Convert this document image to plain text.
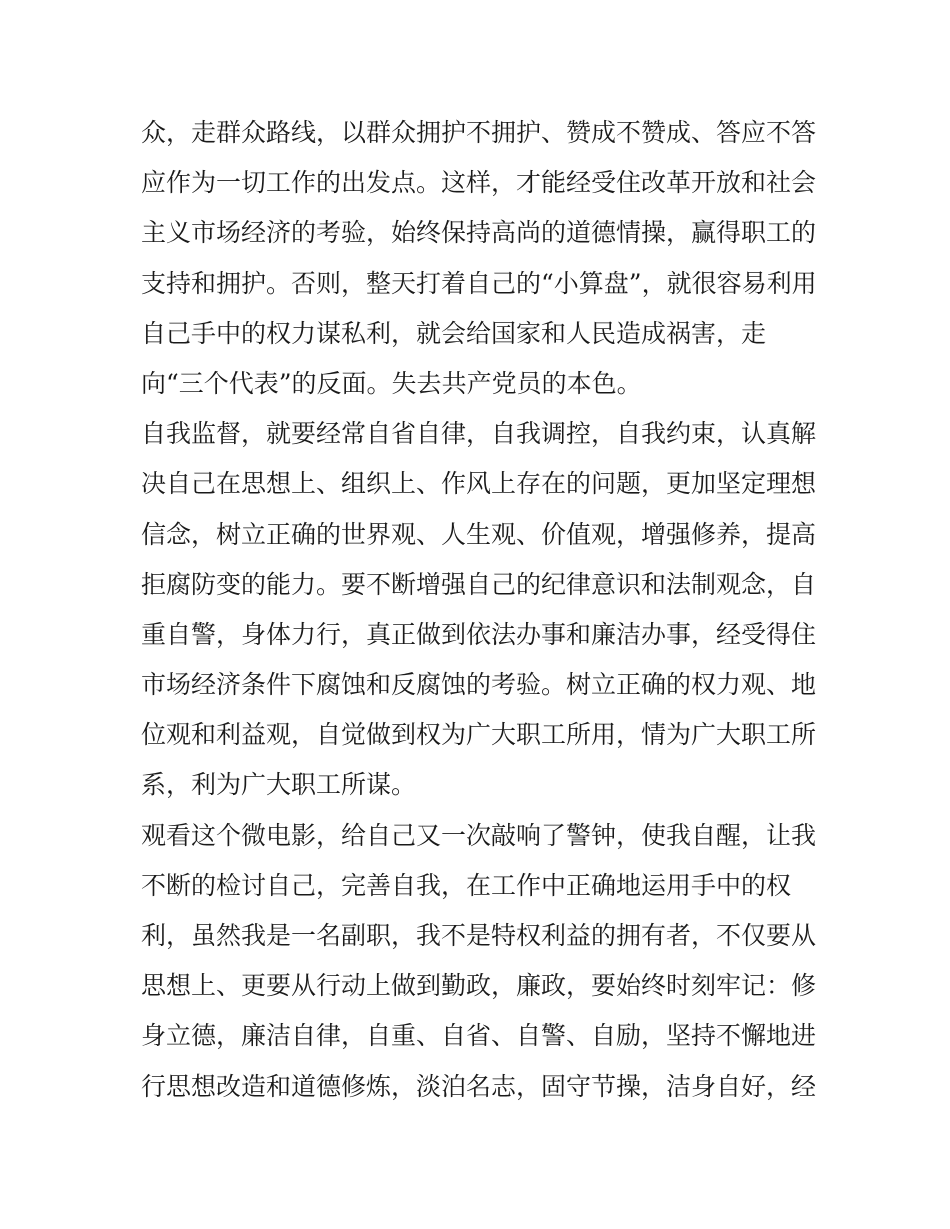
众，走群众路线，以群众拥护不拥护、赞成不赞成、答应不答
应作为一切工作的出发点。这样，才能经受住改革开放和社会
主义市场经济的考验，始终保持高尚的道德情操，赢得职工的
支持和拥护。否则，整天打着自己的“小算盘”，就很容易利用
自己手中的权力谋私利，就会给国家和人民造成祸害，走
向“三个代表”的反面。失去共产党员的本色。
自我监督，就要经常自省自律，自我调控，自我约束，认真解
决自己在思想上、组织上、作风上存在的问题，更加坚定理想
信念，树立正确的世界观、人生观、价值观，增强修养，提高
拒腐防变的能力。要不断增强自己的纪律意识和法制观念，自
重自警，身体力行，真正做到依法办事和廉洁办事，经受得住
市场经济条件下腐蚀和反腐蚀的考验。树立正确的权力观、地
位观和利益观，自觉做到权为广大职工所用，情为广大职工所
系，利为广大职工所谋。
观看这个微电影，给自己又一次敲响了警钟，使我自醒，让我
不断的检讨自己，完善自我，在工作中正确地运用手中的权
利，虽然我是一名副职，我不是特权利益的拥有者，不仅要从
思想上、更要从行动上做到勤政，廉政，要始终时刻牢记：修
身立德，廉洁自律，自重、自省、自警、自励，坚持不懈地进
行思想改造和道德修炼，淡泊名志，固守节操，洁身自好，经
